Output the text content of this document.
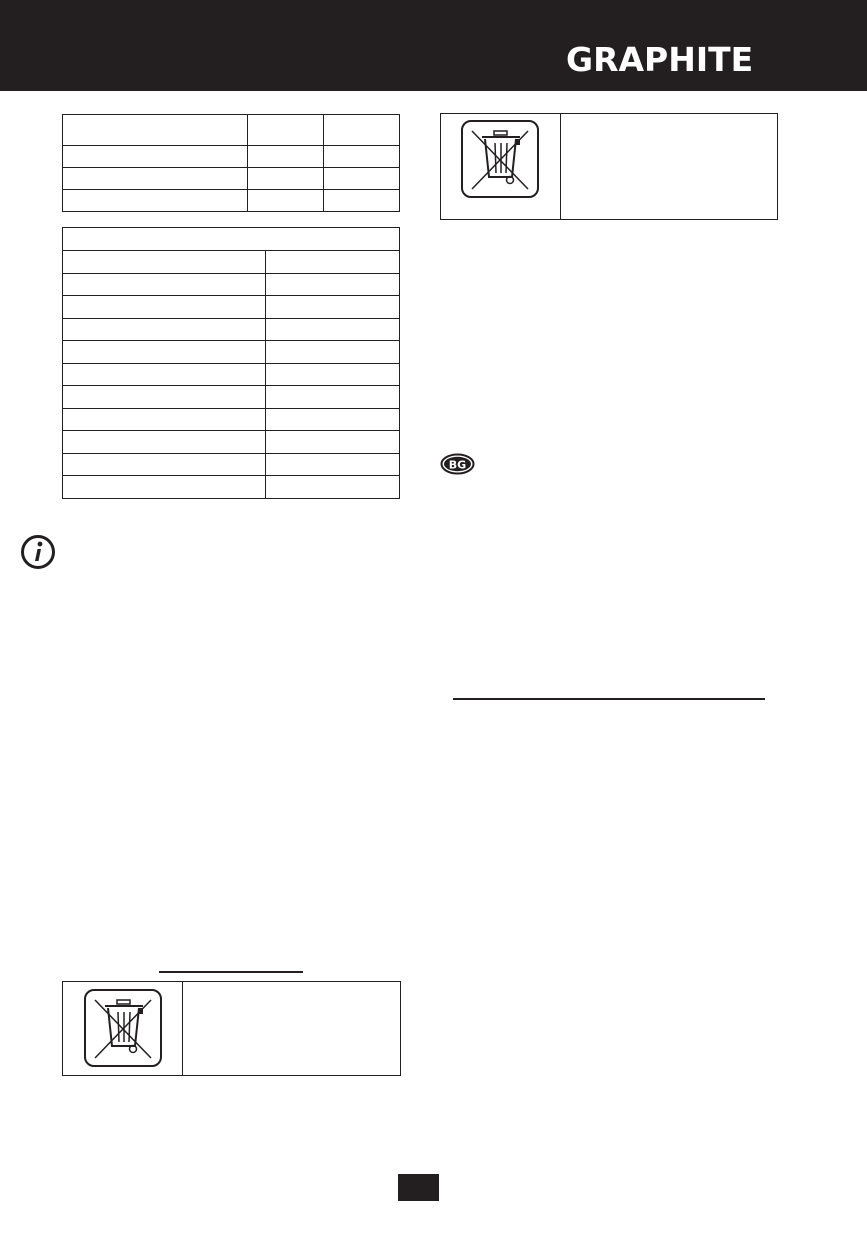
GRAPHITE

BG
